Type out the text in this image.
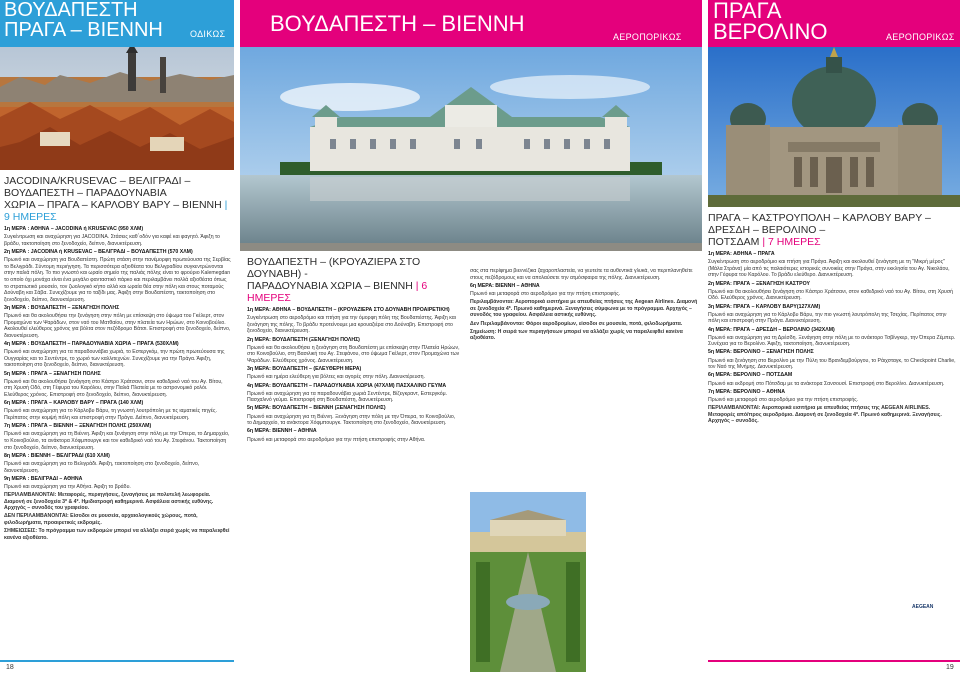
ΒΟΥΔΑΠΕΣΤΗ
ΠΡΑΓΑ – ΒΙΕΝΝΗ	ΟΔΙΚΩΣ ΒΟΥΔΑΠΕΣΤΗ – ΒΙΕΝΝΗ
ΑΕΡΟΠΟΡΙΚΩΣ
ΠΡΑΓΑ
ΒΕΡΟΛΙΝΟ	ΑΕΡΟΠΟΡΙΚΩΣ
JACODINA/KRUSEVAC – ΒΕΛΙΓΡΑΔΙ – ΒΟΥΔΑΠΕΣΤΗ – ΠΑΡΑΔΟΥΝΑΒΙΑ
ΧΩΡΙΑ – ΠΡΑΓΑ – ΚΑΡΛΟΒΥ ΒΑΡΥ – ΒΙΕΝΝΗ | 9 ΗΜΕΡΕΣ

1η ΜΕΡΑ : ΑΘΗΝΑ – JACODINA ή KRUSEVAC (950 ΧΛΜ)

Συγκέντρωση και αναχώρηση για JACODINA. Στάσεις καθ΄οδόν για καφέ και φαγητό. Άφιξη το βράδυ, τακτοποίηση στο ξενοδοχείο, δείπνο, διανυκτέρευση.

2η ΜΕΡΑ : JACODINA ή KRUSEVAC – ΒΕΛΙΓΡΑΔΙ – ΒΟΥΔΑΠΕΣΤΗ (570 ΧΛΜ)

Πρωινό και αναχώρηση για Βουδαπέστη. Πρώτη στάση στην πανέμορφη πρωτεύουσα της Σερβίας το Βελιγράδι. Σύντομη περιήγηση. Τα περισσότερα αξιοθέατα του Βελιγραδίου συγκεντρώνονται στην παλιά πόλη. Το πιο γνωστό και ωραίο σημείο της παλιάς πόλης είναι το φρούριο Kalemegdan το οποίο όχι μονάχα είναι ένα μεγάλο φανταστικό πάρκο και περιλαμβάνει πολλά αξιοθέατα όπως το στρατιωτικό μουσείο, τον ζωολογικό κήπο αλλά και ωραία θέα στην πόλη και στους ποταμούς Δούναβη και Σάβα. Συνεχίζουμε για το ταξίδι μας. Άφιξη στην Βουδαπέστη, τακτοποίηση στο ξενοδοχείο, δείπνο, διανυκτέρευση.

3η ΜΕΡΑ : ΒΟΥΔΑΠΕΣΤΗ – ΞΕΝΑΓΗΣΗ ΠΟΛΗΣ

Πρωινό και θα ακολουθήσει την ξενάγηση στην πόλη με επίσκεψη στο ύψωμα του Γκέλερτ, στον Προμαχώνα των Ψαράδων, στον ναό του Ματθαίου, στην πλατεία των Ηρώων, στο Κοινοβούλιο. Ακολουθεί ελεύθερος χρόνος για βόλτα στον πεζόδρομο Βάτσι. Επιστροφή στο ξενοδοχείο, δείπνο, διανυκτέρευση.

4η ΜΕΡΑ : ΒΟΥΔΑΠΕΣΤΗ – ΠΑΡΑΔΟΥΝΑΒΙΑ ΧΩΡΙΑ – ΠΡΑΓΑ (530ΧΛΜ)

Πρωινό και αναχώρηση για τα παραδουνάβια χωριά, το Εστεργκόμ, την πρώτη πρωτεύουσα της Ουγγαρίας και το Σεντέντρε, το χωριό των καλλιτεχνών. Συνεχίζουμε για την Πράγα. Άφιξη, τακτοποίηση στο ξενοδοχείο, δείπνο, διανυκτέρευση.

5η ΜΕΡΑ : ΠΡΑΓΑ – ΞΕΝΑΓΗΣΗ ΠΟΛΗΣ

Πρωινό και θα ακολουθήσει ξενάγηση στο Κάστρο Χράτσανι, στον καθεδρικό ναό του Αγ. Βίτου, στη Χρυσή Οδό, στη Γέφυρα του Καρόλου, στην Παλιά Πλατεία με το αστρονομικό ρολόι. Ελεύθερος χρόνος. Επιστροφή στο ξενοδοχείο, δείπνο, διανυκτέρευση.

6η ΜΕΡΑ : ΠΡΑΓΑ – ΚΑΡΛΟΒΥ ΒΑΡΥ – ΠΡΑΓΑ (140 ΧΛΜ)

Πρωινό και αναχώρηση για το Κάρλοβυ Βάρυ, τη γνωστή λουτρόπολη με τις ιαματικές πηγές. Περίπατος στην κομψή πόλη και επιστροφή στην Πράγα. Δείπνο, διανυκτέρευση.

7η ΜΕΡΑ : ΠΡΑΓΑ – ΒΙΕΝΝΗ – ΞΕΝΑΓΗΣΗ ΠΟΛΗΣ (250ΧΛΜ)

Πρωινό και αναχώρηση για τη Βιέννη. Άφιξη και ξενάγηση στην πόλη με την Όπερα, το Δημαρχείο, το Κοινοβούλιο, τα ανάκτορα Χόφμπουργκ και τον καθεδρικό ναό του Αγ. Στεφάνου. Τακτοποίηση στο ξενοδοχείο, δείπνο, διανυκτέρευση.

8η ΜΕΡΑ : ΒΙΕΝΝΗ – ΒΕΛΙΓΡΑΔΙ (610 ΧΛΜ)

Πρωινό και αναχώρηση για το Βελιγράδι. Άφιξη, τακτοποίηση στο ξενοδοχείο, δείπνο, διανυκτέρευση.

9η ΜΕΡΑ : ΒΕΛΙΓΡΑΔΙ – ΑΘΗΝΑ

Πρωινό και αναχώρηση για την Αθήνα. Άφιξη το βράδυ.

ΠΕΡΙΛΑΜΒΑΝΟΝΤΑΙ: Μεταφορές, περιηγήσεις, ξεναγήσεις με πολυτελή λεωφορεία. Διαμονή σε ξενοδοχεία 3* & 4*. Ημιδιατροφή καθημερινά. Ασφάλεια αστικής ευθύνης. Αρχηγός – συνοδός του γραφείου.

ΔΕΝ ΠΕΡΙΛΑΜΒΑΝΟΝΤΑΙ: Είσοδοι σε μουσεία, αρχαιολογικούς χώρους, ποτά, φιλοδωρήματα, προαιρετικές εκδρομές.

ΣΗΜΕΙΩΣΕΙΣ: Το πρόγραμμα των εκδρομών μπορεί να αλλάξει σειρά χωρίς να παραλειφθεί κανένα αξιοθέατο.

18
ΒΟΥΔΑΠΕΣΤΗ – (ΚΡΟΥΑΖΙΕΡΑ ΣΤΟ ΔΟΥΝΑΒΗ) -
ΠΑΡΑΔΟΥΝΑΒΙΑ ΧΩΡΙΑ – ΒΙΕΝΝΗ | 6 ΗΜΕΡΕΣ

1η ΜΕΡΑ: ΑΘΗΝΑ – ΒΟΥΔΑΠΕΣΤΗ – (ΚΡΟΥΑΖΙΕΡΑ ΣΤΟ ΔΟΥΝΑΒΗ ΠΡΟΑΙΡΕΤΙΚΗ)

Συγκέντρωση στο αεροδρόμιο και πτήση για την όμορφη πόλη της Βουδαπέστης. Άφιξη και ξενάγηση της πόλης. Το βράδυ προτείνουμε μια κρουαζιέρα στο Δούναβη. Επιστροφή στο ξενοδοχείο, διανυκτέρευση.

2η ΜΕΡΑ: ΒΟΥΔΑΠΕΣΤΗ (ΞΕΝΑΓΗΣΗ ΠΟΛΗΣ)

Πρωινό και θα ακολουθήσει η ξενάγηση στη Βουδαπέστη με επίσκεψη στην Πλατεία Ηρώων, στο Κοινοβούλιο, στη Βασιλική του Αγ. Στεφάνου, στο ύψωμα Γκέλερτ, στον Προμαχώνα των Ψαράδων. Ελεύθερος χρόνος. Διανυκτέρευση.

3η ΜΕΡΑ: ΒΟΥΔΑΠΕΣΤΗ – (ΕΛΕΥΘΕΡΗ ΜΕΡΑ)

Πρωινό και ημέρα ελεύθερη για βόλτες και αγορές στην πόλη. Διανυκτέρευση.

4η ΜΕΡΑ: ΒΟΥΔΑΠΕΣΤΗ – ΠΑΡΑΔΟΥΝΑΒΙΑ ΧΩΡΙΑ (47ΧΛΜ) ΠΑΣΧΑΛΙΝΟ ΓΕΥΜΑ

Πρωινό και αναχώρηση για τα παραδουνάβια χωριά Σεντέντρε, Βίζεγκραντ, Εστεργκόμ. Πασχαλινό γεύμα. Επιστροφή στη Βουδαπέστη, διανυκτέρευση.

5η ΜΕΡΑ: ΒΟΥΔΑΠΕΣΤΗ – ΒΙΕΝΝΗ (ΞΕΝΑΓΗΣΗ ΠΟΛΗΣ)

Πρωινό και αναχώρηση για τη Βιέννη. Ξενάγηση στην πόλη με την Όπερα, το Κοινοβούλιο, το Δημαρχείο, τα ανάκτορα Χόφμπουργκ. Τακτοποίηση στο ξενοδοχείο, διανυκτέρευση.

6η ΜΕΡΑ: ΒΙΕΝΝΗ – ΑΘΗΝΑ

Πρωινό και μεταφορά στο αεροδρόμιο για την πτήση επιστροφής στην Αθήνα.

σας στα περίφημα βιεννέζικα ζαχαροπλαστεία, να γευτείτε τα αυθεντικά γλυκά, να περιπλανηθείτε στους πεζόδρομους και να απολαύσετε την ατμόσφαιρα της πόλης. Διανυκτέρευση.

6η ΜΕΡΑ: ΒΙΕΝΝΗ – ΑΘΗΝΑ

Πρωινό και μεταφορά στο αεροδρόμιο για την πτήση επιστροφής.

Περιλαμβάνονται: Αεροπορικά εισιτήρια με απευθείας πτήσεις της Aegean Airlines. Διαμονή σε ξενοδοχεία 4*. Πρωινό καθημερινά. Ξεναγήσεις σύμφωνα με το πρόγραμμα. Αρχηγός – συνοδός του γραφείου. Ασφάλεια αστικής ευθύνης.

Δεν Περιλαμβάνονται: Φόροι αεροδρομίων, είσοδοι σε μουσεία, ποτά, φιλοδωρήματα.

Σημείωση: Η σειρά των περιηγήσεων μπορεί να αλλάξει χωρίς να παραλειφθεί κανένα αξιοθέατο.

ΠΡΑΓΑ – ΚΑΣΤΡΟΥΠΟΛΗ – ΚΑΡΛΟΒΥ ΒΑΡΥ – ΔΡΕΣΔΗ – ΒΕΡΟΛΙΝΟ –
ΠΟΤΣΔΑΜ | 7 ΗΜΕΡΕΣ

1η ΜΕΡΑ: ΑΘΗΝΑ – ΠΡΑΓΑ

Συγκέντρωση στο αεροδρόμιο και πτήση για Πράγα. Άφιξη και ακολουθεί ξενάγηση με τη "Μικρή μέρος" (Μάλα Στράνα) μία από τις παλαιότερες ιστορικές συνοικίες στην Πράγα, στην εκκλησία του Αγ. Νικολάου, στην Γέφυρα του Καρόλου. Το βράδυ ελεύθερο. Διανυκτέρευση.

2η ΜΕΡΑ: ΠΡΑΓΑ – ΞΕΝΑΓΗΣΗ ΚΑΣΤΡΟΥ

Πρωινό και θα ακολουθήσει ξενάγηση στο Κάστρο Χράτσανι, στον καθεδρικό ναό του Αγ. Βίτου, στη Χρυσή Οδό. Ελεύθερος χρόνος. Διανυκτέρευση.

3η ΜΕΡΑ: ΠΡΑΓΑ – ΚΑΡΛΟΒΥ ΒΑΡΥ(127ΧΛΜ)

Πρωινό και αναχώρηση για το Κάρλοβυ Βάρυ, την πιο γνωστή λουτρόπολη της Τσεχίας. Περίπατος στην πόλη και επιστροφή στην Πράγα. Διανυκτέρευση.

4η ΜΕΡΑ: ΠΡΑΓΑ – ΔΡΕΣΔΗ – ΒΕΡΟΛΙΝΟ (342ΧΛΜ)

Πρωινό και αναχώρηση για τη Δρέσδη. Ξενάγηση στην πόλη με το ανάκτορο Τσβίνγκερ, την Όπερα Ζέμπερ. Συνέχεια για το Βερολίνο. Άφιξη, τακτοποίηση, διανυκτέρευση.

5η ΜΕΡΑ: ΒΕΡΟΛΙΝΟ – ΞΕΝΑΓΗΣΗ ΠΟΛΗΣ

Πρωινό και ξενάγηση στο Βερολίνο με την Πύλη του Βρανδεμβούργου, το Ράιχσταγκ, το Checkpoint Charlie, τον Ναό της Μνήμης. Διανυκτέρευση.

6η ΜΕΡΑ: ΒΕΡΟΛΙΝΟ – ΠΟΤΣΔΑΜ

Πρωινό και εκδρομή στο Πότσδαμ με τα ανάκτορα Σανσουσί. Επιστροφή στο Βερολίνο. Διανυκτέρευση.

7η ΜΕΡΑ: ΒΕΡΟΛΙΝΟ – ΑΘΗΝΑ

Πρωινό και μεταφορά στο αεροδρόμιο για την πτήση επιστροφής.

ΠΕΡΙΛΑΜΒΑΝΟΝΤΑΙ: Αεροπορικά εισιτήρια με απευθείας πτήσεις της AEGEAN AIRLINES. Μεταφορές από/προς αεροδρόμιο. Διαμονή σε ξενοδοχεία 4*. Πρωινό καθημερινά. Ξεναγήσεις. Αρχηγός – συνοδός.

AEGEAN
19
